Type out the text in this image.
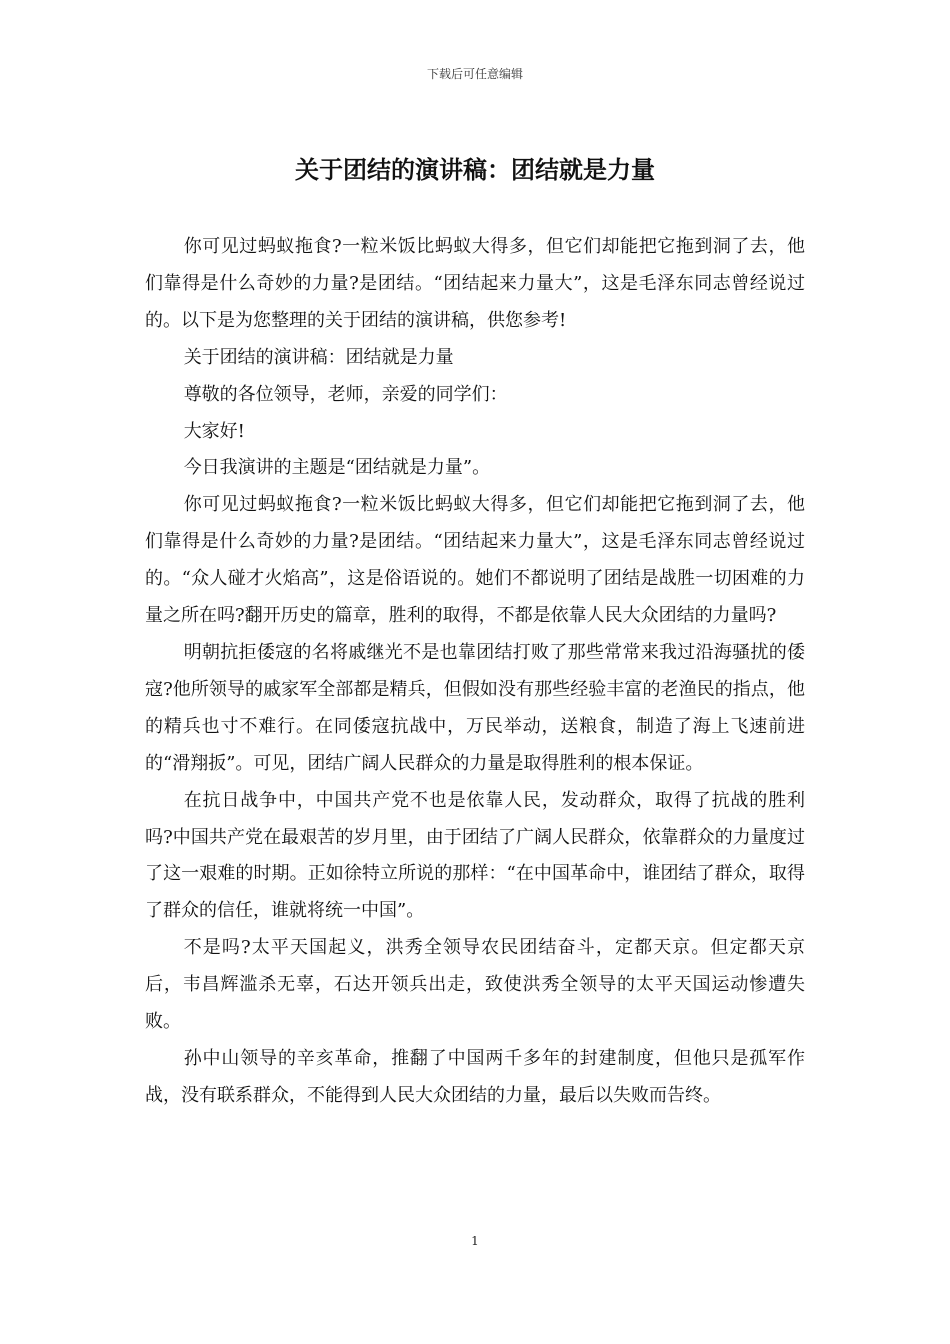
下载后可任意编辑
关于团结的演讲稿：团结就是力量

你可见过蚂蚁拖食?一粒米饭比蚂蚁大得多，但它们却能把它拖到洞了去，他们靠得是什么奇妙的力量?是团结。“团结起来力量大”，这是毛泽东同志曾经说过的。以下是为您整理的关于团结的演讲稿，供您参考!

关于团结的演讲稿：团结就是力量

尊敬的各位领导，老师，亲爱的同学们：

大家好!

今日我演讲的主题是“团结就是力量”。

你可见过蚂蚁拖食?一粒米饭比蚂蚁大得多，但它们却能把它拖到洞了去，他们靠得是什么奇妙的力量?是团结。“团结起来力量大”，这是毛泽东同志曾经说过的。“众人碰才火焰高”，这是俗语说的。她们不都说明了团结是战胜一切困难的力量之所在吗?翻开历史的篇章，胜利的取得，不都是依靠人民大众团结的力量吗?

明朝抗拒倭寇的名将戚继光不是也靠团结打败了那些常常来我过沿海骚扰的倭寇?他所领导的戚家军全部都是精兵，但假如没有那些经验丰富的老渔民的指点，他的精兵也寸不难行。在同倭寇抗战中，万民举动，送粮食，制造了海上飞速前进的“滑翔扳”。可见，团结广阔人民群众的力量是取得胜利的根本保证。

在抗日战争中，中国共产党不也是依靠人民，发动群众，取得了抗战的胜利吗?中国共产党在最艰苦的岁月里，由于团结了广阔人民群众，依靠群众的力量度过了这一艰难的时期。正如徐特立所说的那样：“在中国革命中，谁团结了群众，取得了群众的信任，谁就将统一中国”。

不是吗?太平天国起义，洪秀全领导农民团结奋斗，定都天京。但定都天京后，韦昌辉滥杀无辜，石达开领兵出走，致使洪秀全领导的太平天国运动惨遭失败。

孙中山领导的辛亥革命，推翻了中国两千多年的封建制度，但他只是孤军作战，没有联系群众，不能得到人民大众团结的力量，最后以失败而告终。

1
